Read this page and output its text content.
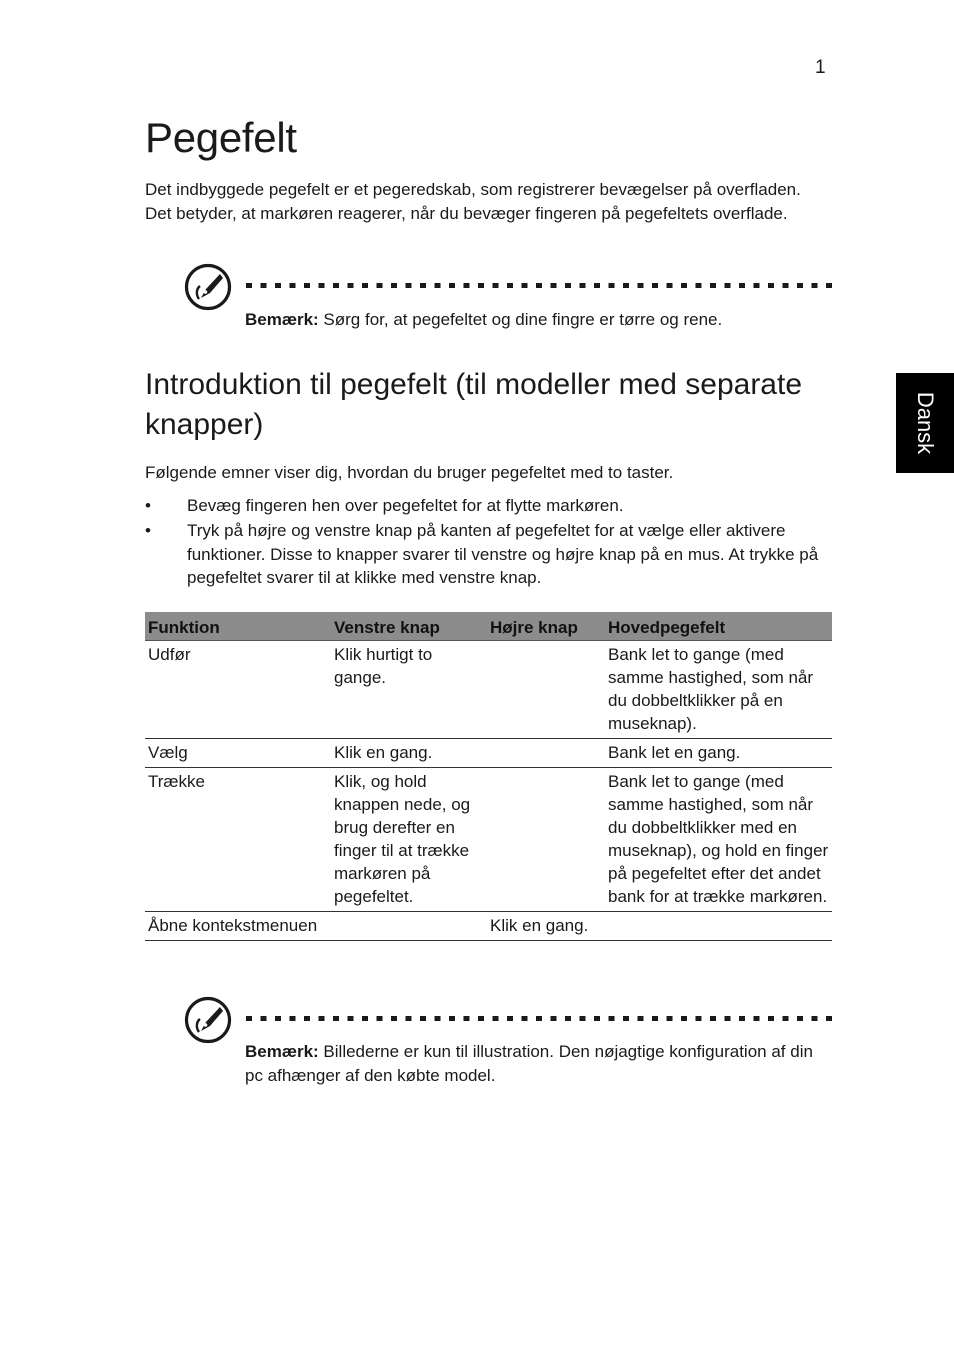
1
Pegefelt

Det indbyggede pegefelt er et pegeredskab, som registrerer bevægelser på overfladen. Det betyder, at markøren reagerer, når du bevæger fingeren på pegefeltets overflade.

Bemærk: Sørg for, at pegefeltet og dine fingre er tørre og rene.

Introduktion til pegefelt (til modeller med separate knapper)

Følgende emner viser dig, hvordan du bruger pegefeltet med to taster.

• Bevæg fingeren hen over pegefeltet for at flytte markøren.
• Tryk på højre og venstre knap på kanten af pegefeltet for at vælge eller aktivere funktioner. Disse to knapper svarer til venstre og højre knap på en mus. At trykke på pegefeltet svarer til at klikke med venstre knap.
Funktion	Venstre knap	Højre knap	Hovedpegefelt
Udfør	Klik hurtigt to gange.		Bank let to gange (med samme hastighed, som når du dobbeltklikker på en museknap).
Vælg	Klik en gang.		Bank let en gang.
Trække	Klik, og hold knappen nede, og brug derefter en finger til at trække markøren på pegefeltet.		Bank let to gange (med samme hastighed, som når du dobbeltklikker med en museknap), og hold en finger på pegefeltet efter det andet bank for at trække markøren.
Åbne kontekstmenuen		Klik en gang.	

Bemærk: Billederne er kun til illustration. Den nøjagtige konfiguration af din pc afhænger af den købte model.

Dansk
